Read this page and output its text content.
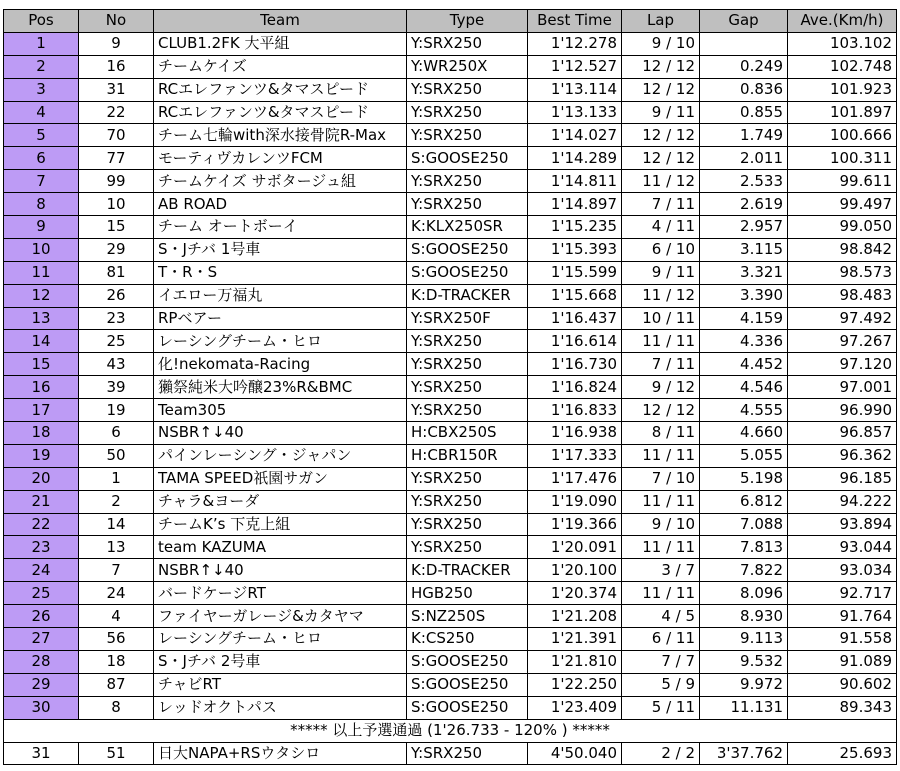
Pos	No	Team	Type	Best Time	Lap	Gap	Ave.(Km/h)
1	9	CLUB1.2FK 大平組	Y:SRX250	1'12.278	9 / 10		103.102
2	16	チームケイズ	Y:WR250X	1'12.527	12 / 12	0.249	102.748
3	31	RCエレファンツ&タマスピード	Y:SRX250	1'13.114	12 / 12	0.836	101.923
4	22	RCエレファンツ&タマスピード	Y:SRX250	1'13.133	9 / 11	0.855	101.897
5	70	チーム七輪with深水接骨院R-Max	Y:SRX250	1'14.027	12 / 12	1.749	100.666
6	77	モーティヴカレンツFCM	S:GOOSE250	1'14.289	12 / 12	2.011	100.311
7	99	チームケイズ サボタージュ組	Y:SRX250	1'14.811	11 / 12	2.533	99.611
8	10	AB ROAD	Y:SRX250	1'14.897	7 / 11	2.619	99.497
9	15	チーム オートボーイ	K:KLX250SR	1'15.235	4 / 11	2.957	99.050
10	29	S・Jチバ 1号車	S:GOOSE250	1'15.393	6 / 10	3.115	98.842
11	81	T・R・S	S:GOOSE250	1'15.599	9 / 11	3.321	98.573
12	26	イエロー万福丸	K:D-TRACKER	1'15.668	11 / 12	3.390	98.483
13	23	RPベアー	Y:SRX250F	1'16.437	10 / 11	4.159	97.492
14	25	レーシングチーム・ヒロ	Y:SRX250	1'16.614	11 / 11	4.336	97.267
15	43	化!nekomata-Racing	Y:SRX250	1'16.730	7 / 11	4.452	97.120
16	39	獺祭純米大吟醸23%R&BMC	Y:SRX250	1'16.824	9 / 12	4.546	97.001
17	19	Team305	Y:SRX250	1'16.833	12 / 12	4.555	96.990
18	6	NSBR↑↓40	H:CBX250S	1'16.938	8 / 11	4.660	96.857
19	50	パインレーシング・ジャパン	H:CBR150R	1'17.333	11 / 11	5.055	96.362
20	1	TAMA SPEED祇園サガン	Y:SRX250	1'17.476	7 / 10	5.198	96.185
21	2	チャラ&ヨーダ	Y:SRX250	1'19.090	11 / 11	6.812	94.222
22	14	チームK’s 下克上組	Y:SRX250	1'19.366	9 / 10	7.088	93.894
23	13	team KAZUMA	Y:SRX250	1'20.091	11 / 11	7.813	93.044
24	7	NSBR↑↓40	K:D-TRACKER	1'20.100	3 / 7	7.822	93.034
25	24	バードケージRT	HGB250	1'20.374	11 / 11	8.096	92.717
26	4	ファイヤーガレージ&カタヤマ	S:NZ250S	1'21.208	4 / 5	8.930	91.764
27	56	レーシングチーム・ヒロ	K:CS250	1'21.391	6 / 11	9.113	91.558
28	18	S・Jチバ 2号車	S:GOOSE250	1'21.810	7 / 7	9.532	91.089
29	87	チャビRT	S:GOOSE250	1'22.250	5 / 9	9.972	90.602
30	8	レッドオクトパス	S:GOOSE250	1'23.409	5 / 11	11.131	89.343
***** 以上予選通過 (1'26.733 - 120% ) *****							
31	51	日大NAPA+RSウタシロ	Y:SRX250	4'50.040	2 / 2	3'37.762	25.693
